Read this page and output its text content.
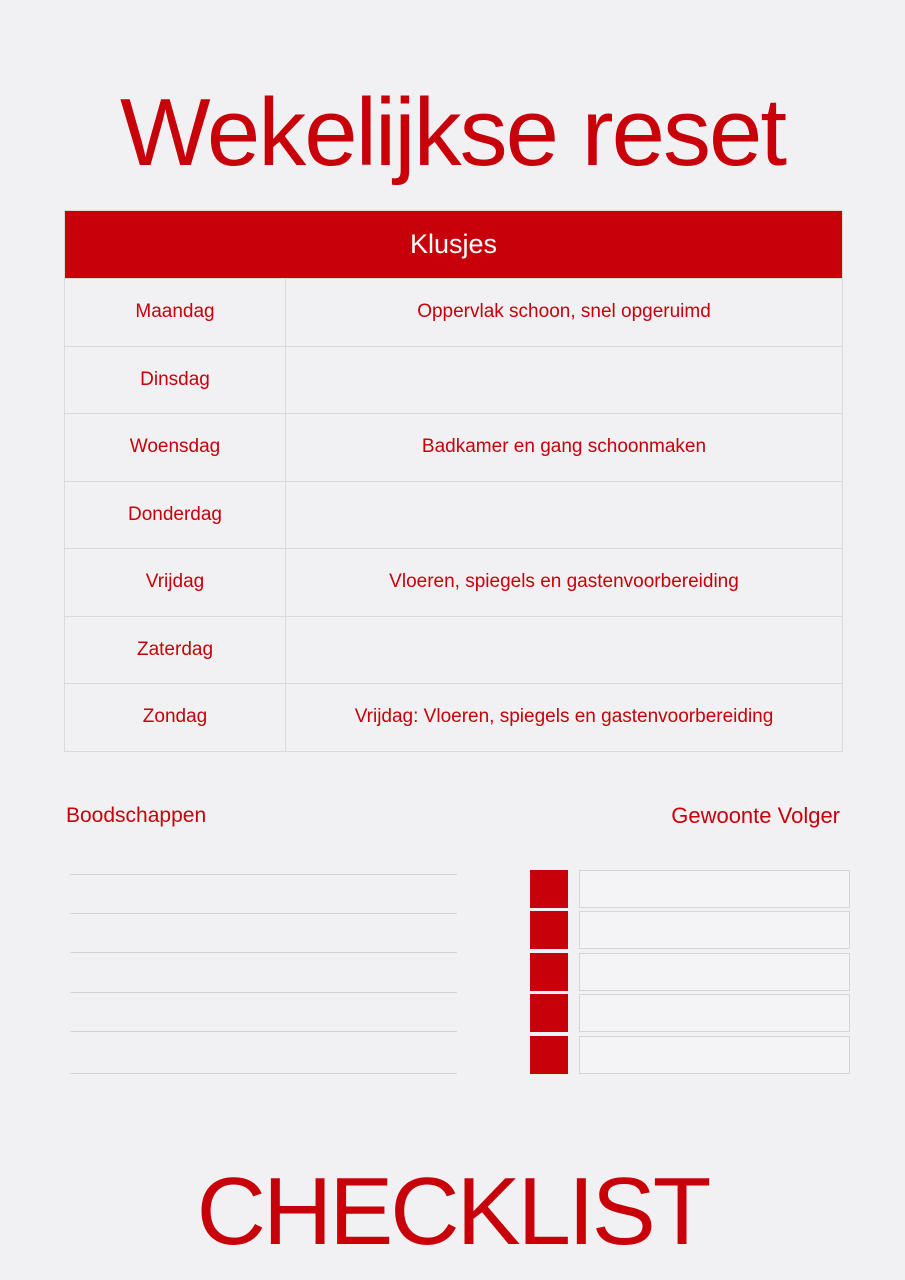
Wekelijkse reset
Klusjes
Maandag	Oppervlak schoon, snel opgeruimd
Dinsdag
Woensdag	Badkamer en gang schoonmaken
Donderdag
Vrijdag	Vloeren, spiegels en gastenvoorbereiding
Zaterdag
Zondag	Vrijdag: Vloeren, spiegels en gastenvoorbereiding
Boodschappen	Gewoonte Volger
CHECKLIST
